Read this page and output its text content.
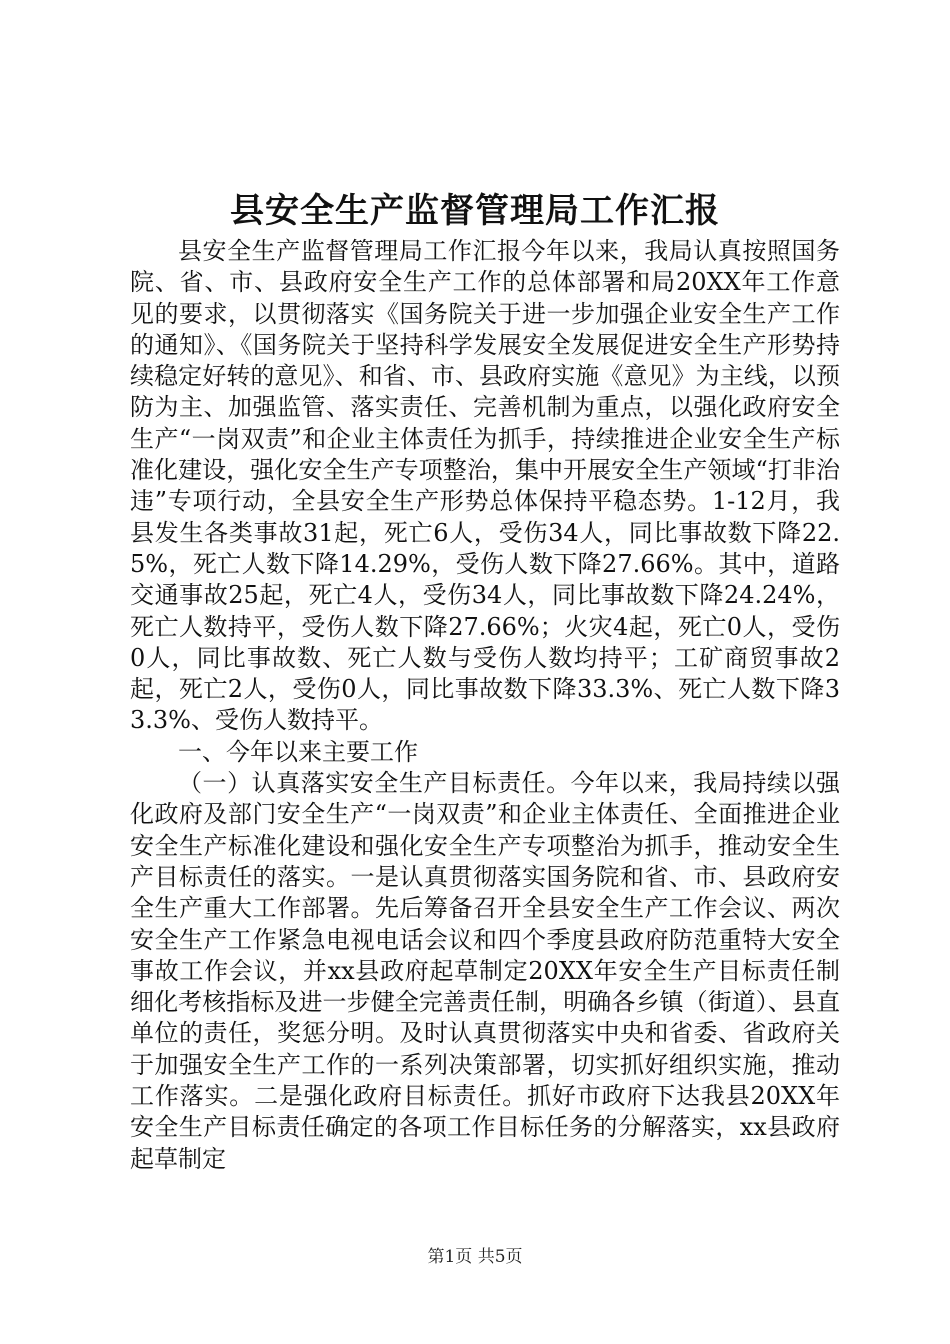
县安全生产监督管理局工作汇报

县安全生产监督管理局工作汇报今年以来，我局认真按照国务院、省、市、县政府安全生产工作的总体部署和局20XX年工作意见的要求，以贯彻落实《国务院关于进一步加强企业安全生产工作的通知》、《国务院关于坚持科学发展安全发展促进安全生产形势持续稳定好转的意见》、和省、市、县政府实施《意见》为主线，以预防为主、加强监管、落实责任、完善机制为重点，以强化政府安全生产“一岗双责”和企业主体责任为抓手，持续推进企业安全生产标准化建设，强化安全生产专项整治，集中开展安全生产领域“打非治违”专项行动，全县安全生产形势总体保持平稳态势。1-12月，我县发生各类事故31起，死亡6人，受伤34人，同比事故数下降22.5%，死亡人数下降14.29%，受伤人数下降27.66%。其中，道路交通事故25起，死亡4人，受伤34人，同比事故数下降24.24%，死亡人数持平，受伤人数下降27.66%；火灾4起，死亡0人，受伤0人，同比事故数、死亡人数与受伤人数均持平；工矿商贸事故2起，死亡2人，受伤0人，同比事故数下降33.3%、死亡人数下降33.3%、受伤人数持平。

一、今年以来主要工作

（一）认真落实安全生产目标责任。今年以来，我局持续以强化政府及部门安全生产“一岗双责”和企业主体责任、全面推进企业安全生产标准化建设和强化安全生产专项整治为抓手，推动安全生产目标责任的落实。一是认真贯彻落实国务院和省、市、县政府安全生产重大工作部署。先后筹备召开全县安全生产工作会议、两次安全生产工作紧急电视电话会议和四个季度县政府防范重特大安全事故工作会议，并xx县政府起草制定20XX年安全生产目标责任制细化考核指标及进一步健全完善责任制，明确各乡镇（街道）、县直单位的责任，奖惩分明。及时认真贯彻落实中央和省委、省政府关于加强安全生产工作的一系列决策部署，切实抓好组织实施，推动工作落实。二是强化政府目标责任。抓好市政府下达我县20XX年安全生产目标责任确定的各项工作目标任务的分解落实，xx县政府起草制定

第1页 共5页
